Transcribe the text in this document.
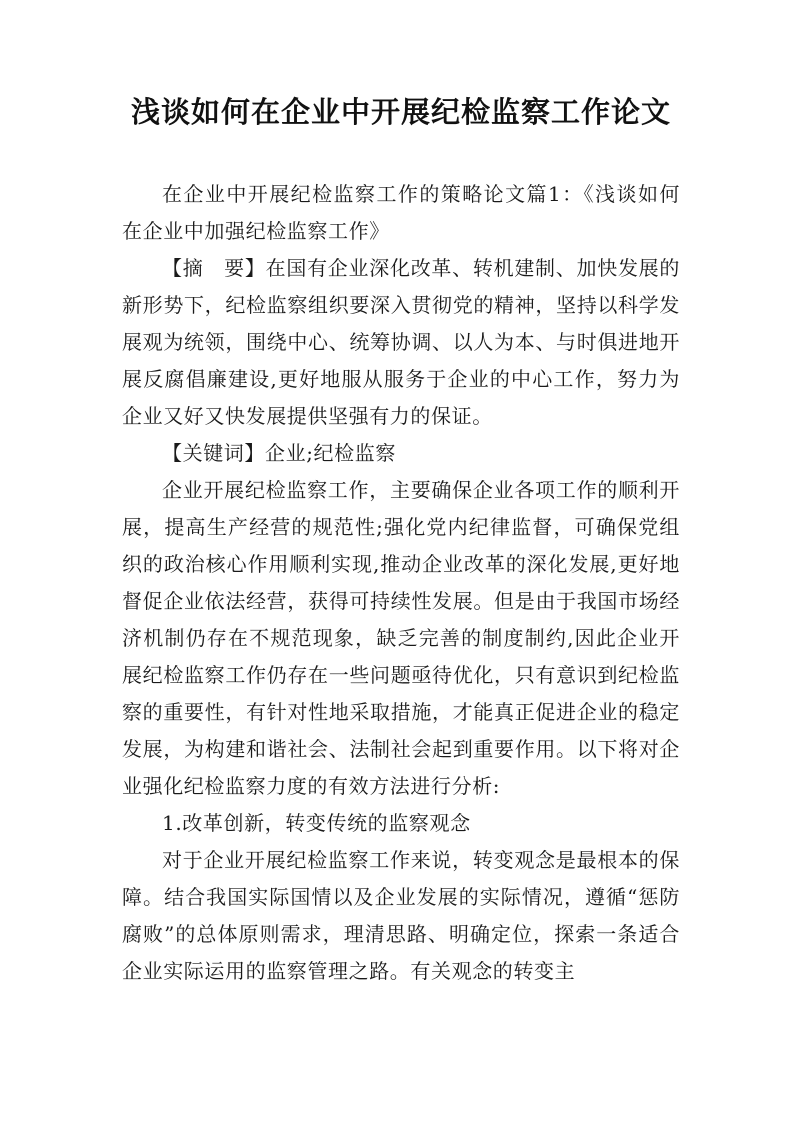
浅谈如何在企业中开展纪检监察工作论文

在企业中开展纪检监察工作的策略论文篇1：《浅谈如何在企业中加强纪检监察工作》

【摘　要】在国有企业深化改革、转机建制、加快发展的新形势下，纪检监察组织要深入贯彻党的精神，坚持以科学发展观为统领，围绕中心、统筹协调、以人为本、与时俱进地开展反腐倡廉建设,更好地服从服务于企业的中心工作，努力为企业又好又快发展提供坚强有力的保证。

【关键词】企业;纪检监察

企业开展纪检监察工作，主要确保企业各项工作的顺利开展，提高生产经营的规范性;强化党内纪律监督，可确保党组织的政治核心作用顺利实现,推动企业改革的深化发展,更好地督促企业依法经营，获得可持续性发展。但是由于我国市场经济机制仍存在不规范现象，缺乏完善的制度制约,因此企业开展纪检监察工作仍存在一些问题亟待优化，只有意识到纪检监察的重要性，有针对性地采取措施，才能真正促进企业的稳定发展，为构建和谐社会、法制社会起到重要作用。以下将对企业强化纪检监察力度的有效方法进行分析:

1.改革创新，转变传统的监察观念

对于企业开展纪检监察工作来说，转变观念是最根本的保障。结合我国实际国情以及企业发展的实际情况，遵循“惩防腐败”的总体原则需求，理清思路、明确定位，探索一条适合企业实际运用的监察管理之路。有关观念的转变主
